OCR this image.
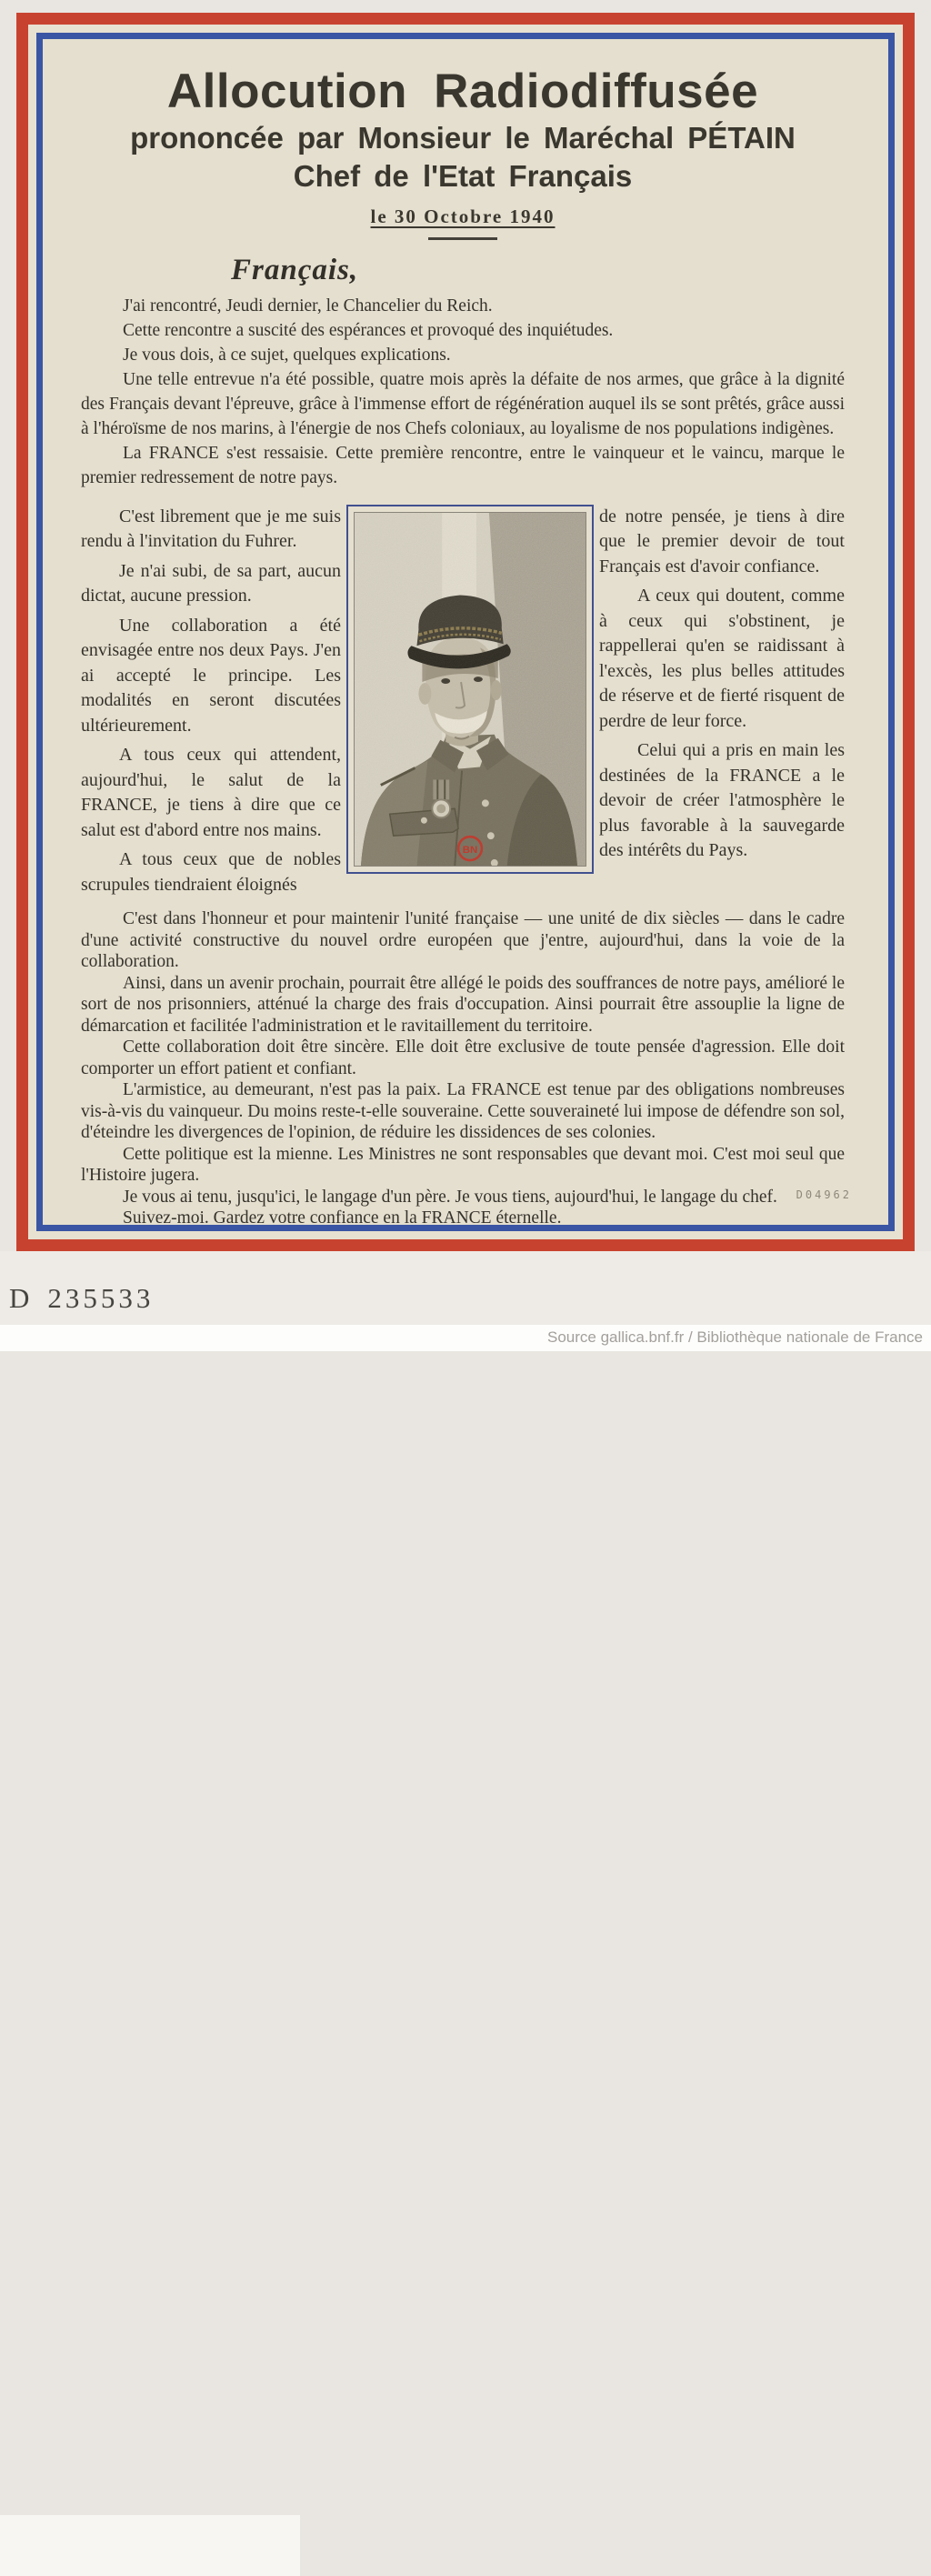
Allocution Radiodiffusée
prononcée par Monsieur le Maréchal PÉTAIN
Chef de l'Etat Français
le 30 Octobre 1940
Français,

J'ai rencontré, Jeudi dernier, le Chancelier du Reich.

Cette rencontre a suscité des espérances et provoqué des inquiétudes.

Je vous dois, à ce sujet, quelques explications.

Une telle entrevue n'a été possible, quatre mois après la défaite de nos armes, que grâce à la dignité des Français devant l'épreuve, grâce à l'immense effort de régénération auquel ils se sont prêtés, grâce aussi à l'héroïsme de nos marins, à l'énergie de nos Chefs coloniaux, au loyalisme de nos populations indigènes.

La FRANCE s'est ressaisie. Cette première rencontre, entre le vainqueur et le vaincu, marque le premier redressement de notre pays.

C'est librement que je me suis rendu à l'invitation du Fuhrer.

Je n'ai subi, de sa part, aucun dictat, aucune pression.

Une collaboration a été envisagée entre nos deux Pays. J'en ai accepté le principe. Les modalités en seront discutées ultérieurement.

A tous ceux qui attendent, aujourd'hui, le salut de la FRANCE, je tiens à dire que ce salut est d'abord entre nos mains.

A tous ceux que de nobles scrupules tiendraient éloignés

BN

de notre pensée, je tiens à dire que le premier devoir de tout Français est d'avoir confiance.

A ceux qui doutent, comme à ceux qui s'obstinent, je rappellerai qu'en se raidissant à l'excès, les plus belles attitudes de réserve et de fierté risquent de perdre de leur force.

Celui qui a pris en main les destinées de la FRANCE a le devoir de créer l'atmosphère le plus favorable à la sauvegarde des intérêts du Pays.

C'est dans l'honneur et pour maintenir l'unité française — une unité de dix siècles — dans le cadre d'une activité constructive du nouvel ordre européen que j'entre, aujourd'hui, dans la voie de la collaboration.

Ainsi, dans un avenir prochain, pourrait être allégé le poids des souffrances de notre pays, amélioré le sort de nos prisonniers, atténué la charge des frais d'occupation. Ainsi pourrait être assouplie la ligne de démarcation et facilitée l'administration et le ravitaillement du territoire.

Cette collaboration doit être sincère. Elle doit être exclusive de toute pensée d'agression. Elle doit comporter un effort patient et confiant.

L'armistice, au demeurant, n'est pas la paix. La FRANCE est tenue par des obligations nombreuses vis-à-vis du vainqueur. Du moins reste-t-elle souveraine. Cette souveraineté lui impose de défendre son sol, d'éteindre les divergences de l'opinion, de réduire les dissidences de ses colonies.

Cette politique est la mienne. Les Ministres ne sont responsables que devant moi. C'est moi seul que l'Histoire jugera.

Je vous ai tenu, jusqu'ici, le langage d'un père. Je vous tiens, aujourd'hui, le langage du chef.

Suivez-moi. Gardez votre confiance en la FRANCE éternelle.

D04962
D 235533
Source gallica.bnf.fr / Bibliothèque nationale de France
